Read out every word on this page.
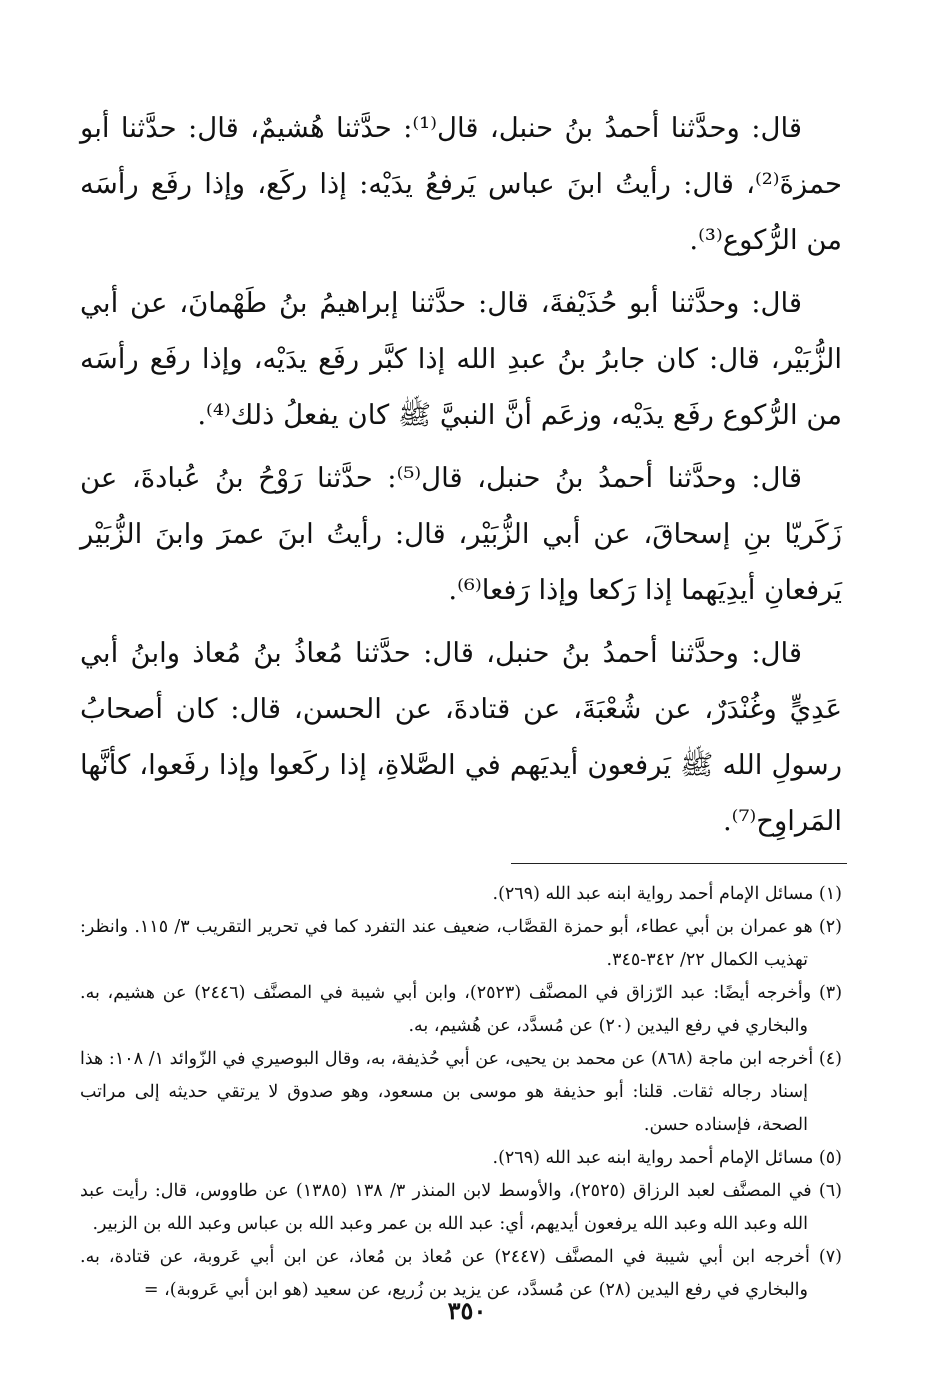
قال: وحدَّثنا أحمدُ بنُ حنبل، قال⁽¹⁾: حدَّثنا هُشيمٌ، قال: حدَّثنا أبو حمزةَ⁽²⁾، قال: رأيتُ ابنَ عباس يَرفعُ يدَيْه: إذا ركَع، وإذا رفَع رأسَه من الرُّكوع⁽³⁾.

قال: وحدَّثنا أبو حُذَيْفةَ، قال: حدَّثنا إبراهيمُ بنُ طَهْمانَ، عن أبي الزُّبَيْر، قال: كان جابرُ بنُ عبدِ الله إذا كبَّر رفَع يدَيْه، وإذا رفَع رأسَه من الرُّكوع رفَع يدَيْه، وزعَم أنَّ النبيَّ ﷺ كان يفعلُ ذلك⁽⁴⁾.

قال: وحدَّثنا أحمدُ بنُ حنبل، قال⁽⁵⁾: حدَّثنا رَوْحُ بنُ عُبادةَ، عن زَكَريّا بنِ إسحاقَ، عن أبي الزُّبَيْر، قال: رأيتُ ابنَ عمرَ وابنَ الزُّبَيْر يَرفعانِ أيدِيَهما إذا رَكعا وإذا رَفعا⁽⁶⁾.

قال: وحدَّثنا أحمدُ بنُ حنبل، قال: حدَّثنا مُعاذُ بنُ مُعاذ وابنُ أبي عَدِيٍّ وغُنْدَرٌ، عن شُعْبَةَ، عن قتادةَ، عن الحسن، قال: كان أصحابُ رسولِ الله ﷺ يَرفعون أيديَهم في الصَّلاةِ، إذا ركَعوا وإذا رفَعوا، كأنَّها المَراوِح⁽⁷⁾.

(١) مسائل الإمام أحمد رواية ابنه عبد الله (٢٦٩).

(٢) هو عمران بن أبي عطاء، أبو حمزة القصَّاب، ضعيف عند التفرد كما في تحرير التقريب ٣/ ١١٥. وانظر: تهذيب الكمال ٢٢/ ٣٤٢-٣٤٥.

(٣) وأخرجه أيضًا: عبد الرّزاق في المصنَّف (٢٥٢٣)، وابن أبي شيبة في المصنَّف (٢٤٤٦) عن هشيم، به. والبخاري في رفع اليدين (٢٠) عن مُسدَّد، عن هُشيم، به.

(٤) أخرجه ابن ماجة (٨٦٨) عن محمد بن يحيى، عن أبي حُذيفة، به، وقال البوصيري في الزّوائد ١/ ١٠٨: هذا إسناد رجاله ثقات. قلنا: أبو حذيفة هو موسى بن مسعود، وهو صدوق لا يرتقي حديثه إلى مراتب الصحة، فإسناده حسن.

(٥) مسائل الإمام أحمد رواية ابنه عبد الله (٢٦٩).

(٦) في المصنَّف لعبد الرزاق (٢٥٢٥)، والأوسط لابن المنذر ٣/ ١٣٨ (١٣٨٥) عن طاووس، قال: رأيت عبد الله وعبد الله وعبد الله يرفعون أيديهم، أي: عبد الله بن عمر وعبد الله بن عباس وعبد الله بن الزبير.

(٧) أخرجه ابن أبي شيبة في المصنَّف (٢٤٤٧) عن مُعاذ بن مُعاذ، عن ابن أبي عَروبة، عن قتادة، به. والبخاري في رفع اليدين (٢٨) عن مُسدَّد، عن يزيد بن زُريع، عن سعيد (هو ابن أبي عَروبة)، =

٣٥٠
